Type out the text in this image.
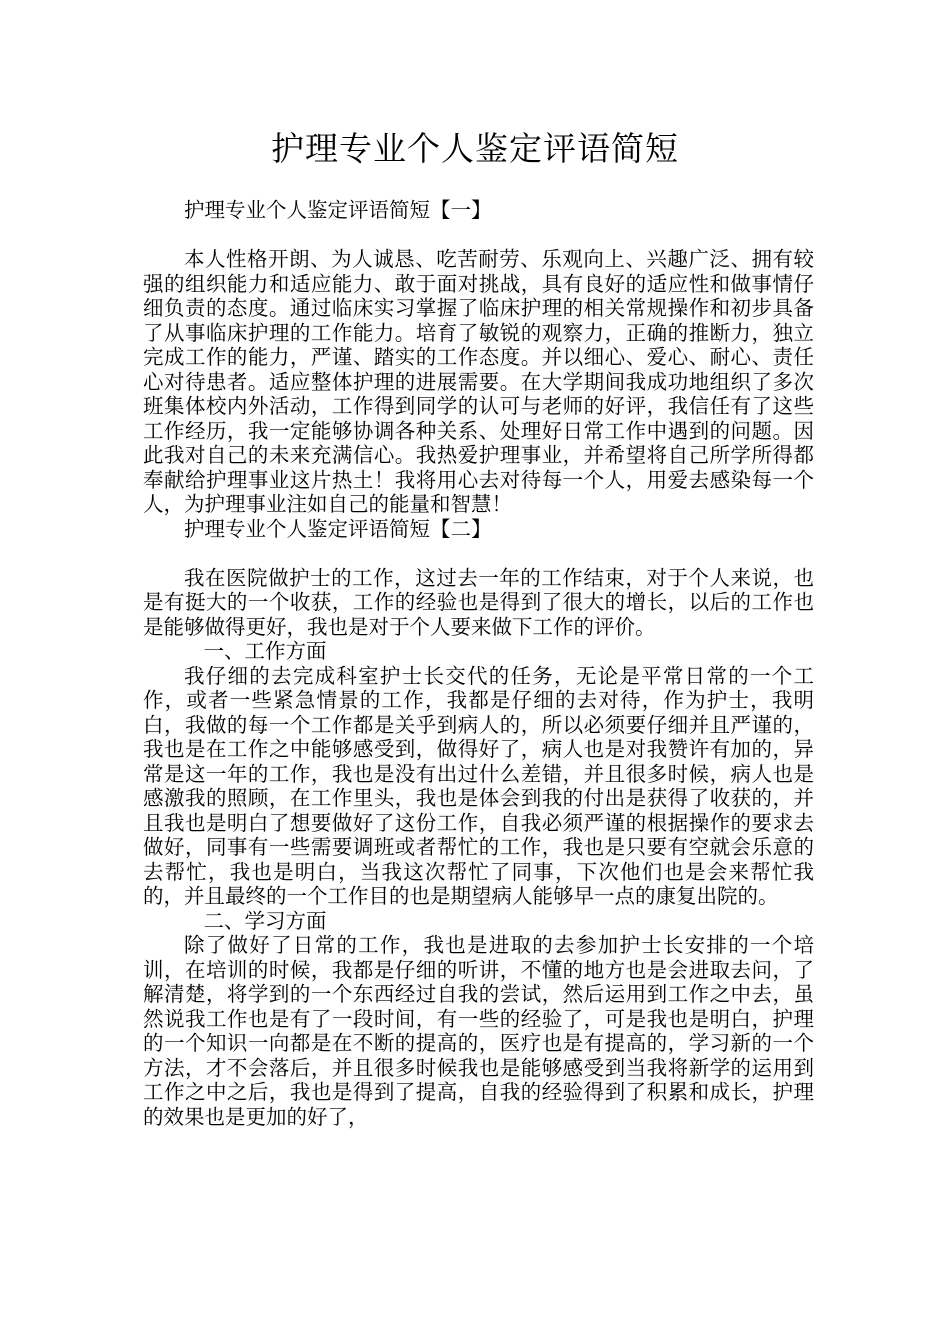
护理专业个人鉴定评语简短

护理专业个人鉴定评语简短【一】

本人性格开朗、为人诚恳、吃苦耐劳、乐观向上、兴趣广泛、拥有较强的组织能力和适应能力、敢于面对挑战，具有良好的适应性和做事情仔细负责的态度。通过临床实习掌握了临床护理的相关常规操作和初步具备了从事临床护理的工作能力。培育了敏锐的观察力，正确的推断力，独立完成工作的能力，严谨、踏实的工作态度。并以细心、爱心、耐心、责任心对待患者。适应整体护理的进展需要。在大学期间我成功地组织了多次班集体校内外活动，工作得到同学的认可与老师的好评，我信任有了这些工作经历，我一定能够协调各种关系、处理好日常工作中遇到的问题。因此我对自己的未来充满信心。我热爱护理事业，并希望将自己所学所得都奉献给护理事业这片热土！我将用心去对待每一个人，用爱去感染每一个人，为护理事业注如自己的能量和智慧！

护理专业个人鉴定评语简短【二】

我在医院做护士的工作，这过去一年的工作结束，对于个人来说，也是有挺大的一个收获，工作的经验也是得到了很大的增长，以后的工作也是能够做得更好，我也是对于个人要来做下工作的评价。

一、工作方面

我仔细的去完成科室护士长交代的任务，无论是平常日常的一个工作，或者一些紧急情景的工作，我都是仔细的去对待，作为护士，我明白，我做的每一个工作都是关乎到病人的，所以必须要仔细并且严谨的，我也是在工作之中能够感受到，做得好了，病人也是对我赞许有加的，异常是这一年的工作，我也是没有出过什么差错，并且很多时候，病人也是感激我的照顾，在工作里头，我也是体会到我的付出是获得了收获的，并且我也是明白了想要做好了这份工作，自我必须严谨的根据操作的要求去做好，同事有一些需要调班或者帮忙的工作，我也是只要有空就会乐意的去帮忙，我也是明白，当我这次帮忙了同事，下次他们也是会来帮忙我的，并且最终的一个工作目的也是期望病人能够早一点的康复出院的。

二、学习方面

除了做好了日常的工作，我也是进取的去参加护士长安排的一个培训，在培训的时候，我都是仔细的听讲，不懂的地方也是会进取去问，了解清楚，将学到的一个东西经过自我的尝试，然后运用到工作之中去，虽然说我工作也是有了一段时间，有一些的经验了，可是我也是明白，护理的一个知识一向都是在不断的提高的，医疗也是有提高的，学习新的一个方法，才不会落后，并且很多时候我也是能够感受到当我将新学的运用到工作之中之后，我也是得到了提高，自我的经验得到了积累和成长，护理的效果也是更加的好了，
